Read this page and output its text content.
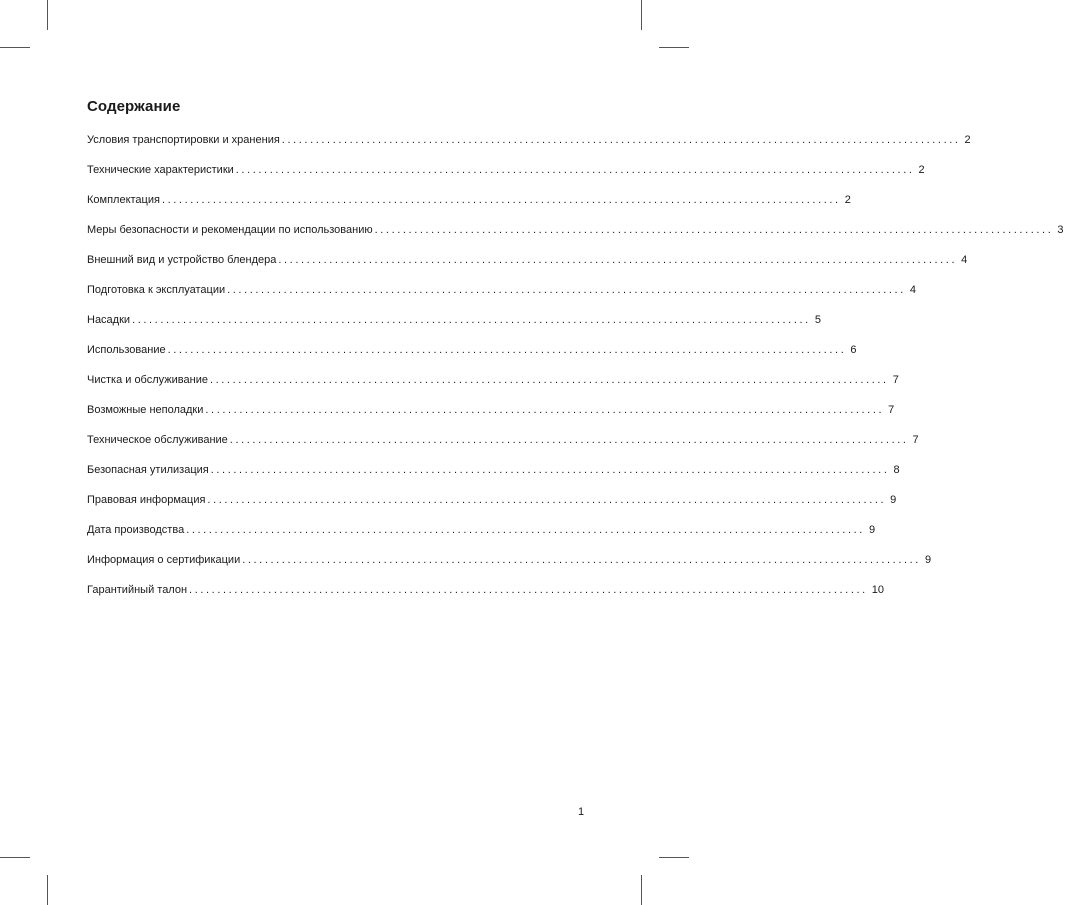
Содержание
Условия транспортировки и хранения ........................................................................................................................ 2
Технические характеристики ........................................................................................................................ 2
Комплектация ........................................................................................................................ 2
Меры безопасности и рекомендации по использованию ........................................................................................................................ 3
Внешний вид и устройство блендера ........................................................................................................................ 4
Подготовка к эксплуатации ........................................................................................................................ 4
Насадки ........................................................................................................................ 5
Использование ........................................................................................................................ 6
Чистка и обслуживание ........................................................................................................................ 7
Возможные неполадки ........................................................................................................................ 7
Техническое обслуживание ........................................................................................................................ 7
Безопасная утилизация ........................................................................................................................ 8
Правовая информация ........................................................................................................................ 9
Дата производства ........................................................................................................................ 9
Информация о сертификации ........................................................................................................................ 9
Гарантийный талон ........................................................................................................................ 10
1
